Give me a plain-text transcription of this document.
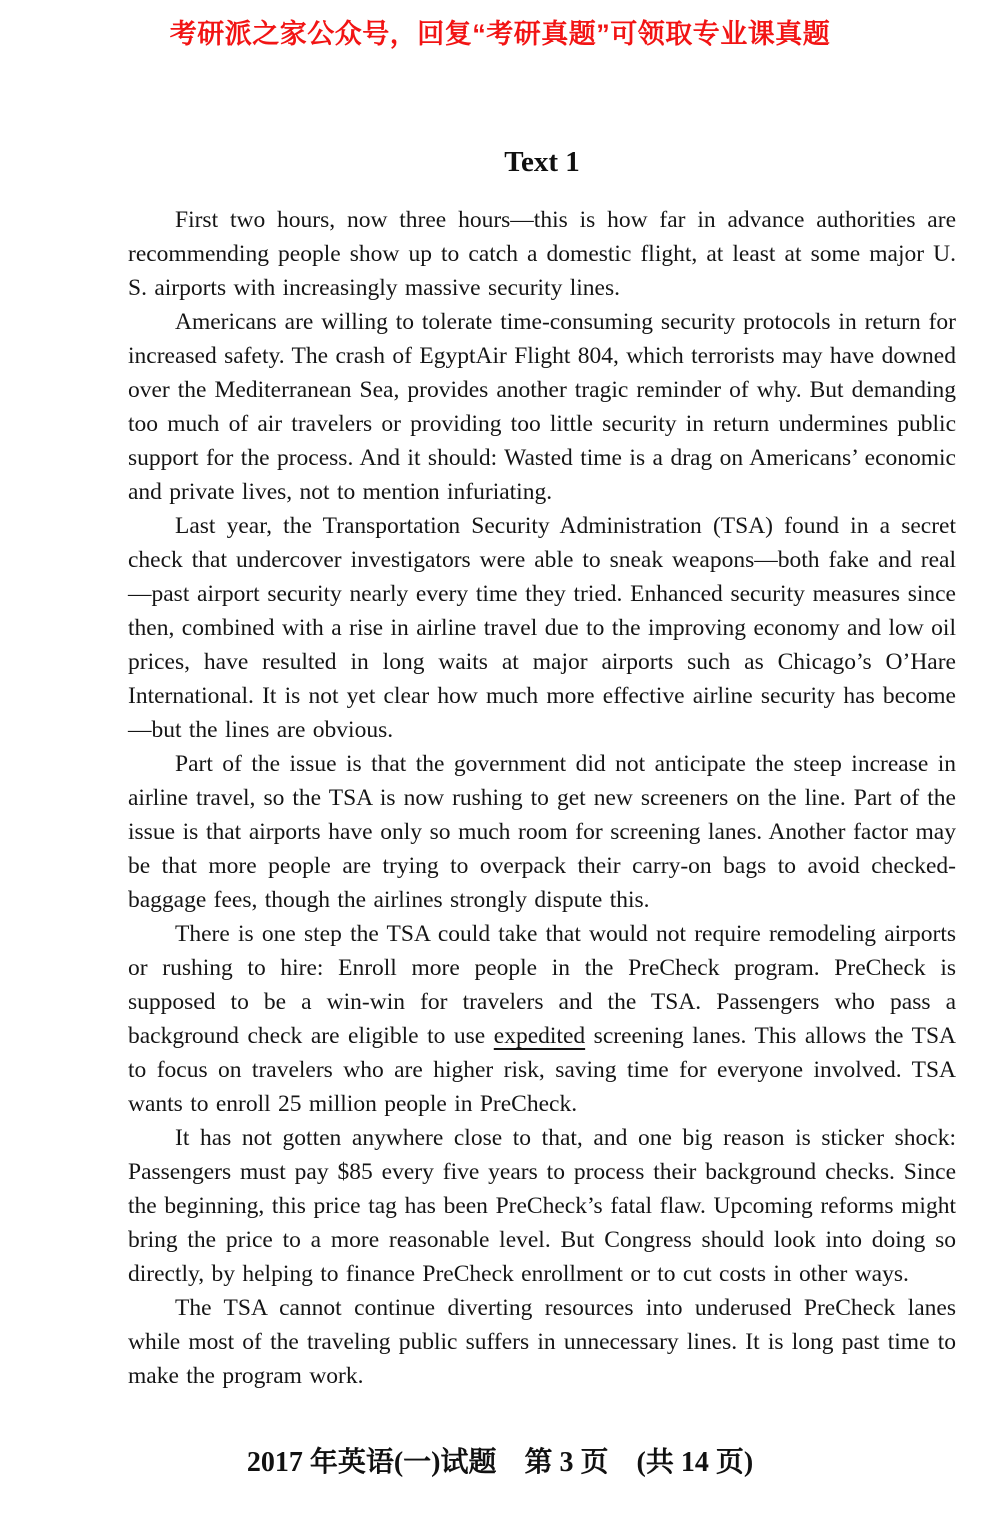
考研派之家公众号，回复“考研真题”可领取专业课真题
Text 1

First two hours, now three hours—this is how far in advance authorities are recommending people show up to catch a domestic flight, at least at some major U. S. airports with increasingly massive security lines.

Americans are willing to tolerate time-consuming security protocols in return for increased safety. The crash of EgyptAir Flight 804, which terrorists may have downed over the Mediterranean Sea, provides another tragic reminder of why. But demanding too much of air travelers or providing too little security in return undermines public support for the process. And it should: Wasted time is a drag on Americans’ economic and private lives, not to mention infuriating.

Last year, the Transportation Security Administration (TSA) found in a secret check that undercover investigators were able to sneak weapons—both fake and real—past airport security nearly every time they tried. Enhanced security measures since then, combined with a rise in airline travel due to the improving economy and low oil prices, have resulted in long waits at major airports such as Chicago’s O’Hare International. It is not yet clear how much more effective airline security has become—but the lines are obvious.

Part of the issue is that the government did not anticipate the steep increase in airline travel, so the TSA is now rushing to get new screeners on the line. Part of the issue is that airports have only so much room for screening lanes. Another factor may be that more people are trying to overpack their carry-on bags to avoid checked-baggage fees, though the airlines strongly dispute this.

There is one step the TSA could take that would not require remodeling airports or rushing to hire: Enroll more people in the PreCheck program. PreCheck is supposed to be a win-win for travelers and the TSA. Passengers who pass a background check are eligible to use expedited screening lanes. This allows the TSA to focus on travelers who are higher risk, saving time for everyone involved. TSA wants to enroll 25 million people in PreCheck.

It has not gotten anywhere close to that, and one big reason is sticker shock: Passengers must pay $85 every five years to process their background checks. Since the beginning, this price tag has been PreCheck’s fatal flaw. Upcoming reforms might bring the price to a more reasonable level. But Congress should look into doing so directly, by helping to finance PreCheck enrollment or to cut costs in other ways.

The TSA cannot continue diverting resources into underused PreCheck lanes while most of the traveling public suffers in unnecessary lines. It is long past time to make the program work.

2017 年英语(一)试题　第 3 页　(共 14 页)
